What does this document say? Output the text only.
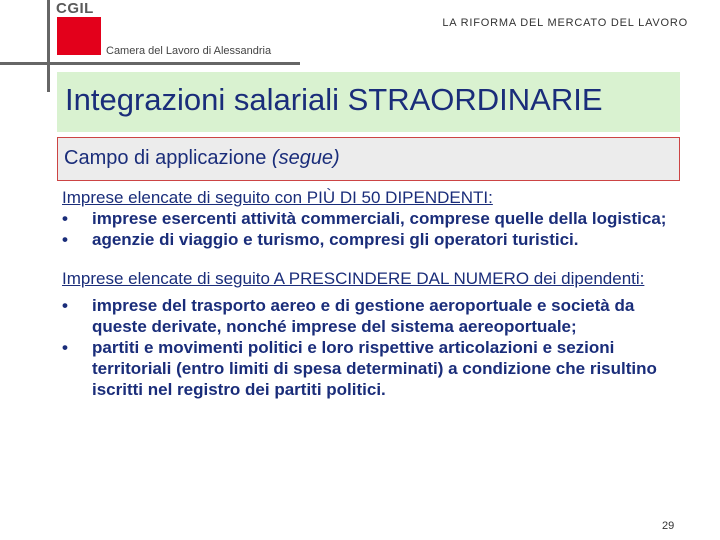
CGIL
LA RIFORMA DEL MERCATO DEL LAVORO
Camera del Lavoro di Alessandria
Integrazioni salariali STRAORDINARIE
Campo di applicazione (segue)
Imprese elencate di seguito con PIÙ DI 50 DIPENDENTI:
• imprese esercenti attività commerciali, comprese quelle della logistica;
• agenzie di viaggio e turismo, compresi gli operatori turistici.
Imprese elencate di seguito A PRESCINDERE DAL NUMERO dei dipendenti:
• imprese del trasporto aereo e di gestione aeroportuale e società da queste derivate, nonché imprese del sistema aereoportuale;
• partiti e movimenti politici e loro rispettive articolazioni e sezioni territoriali (entro limiti di spesa determinati) a condizione che risultino iscritti nel registro dei partiti politici.
29
